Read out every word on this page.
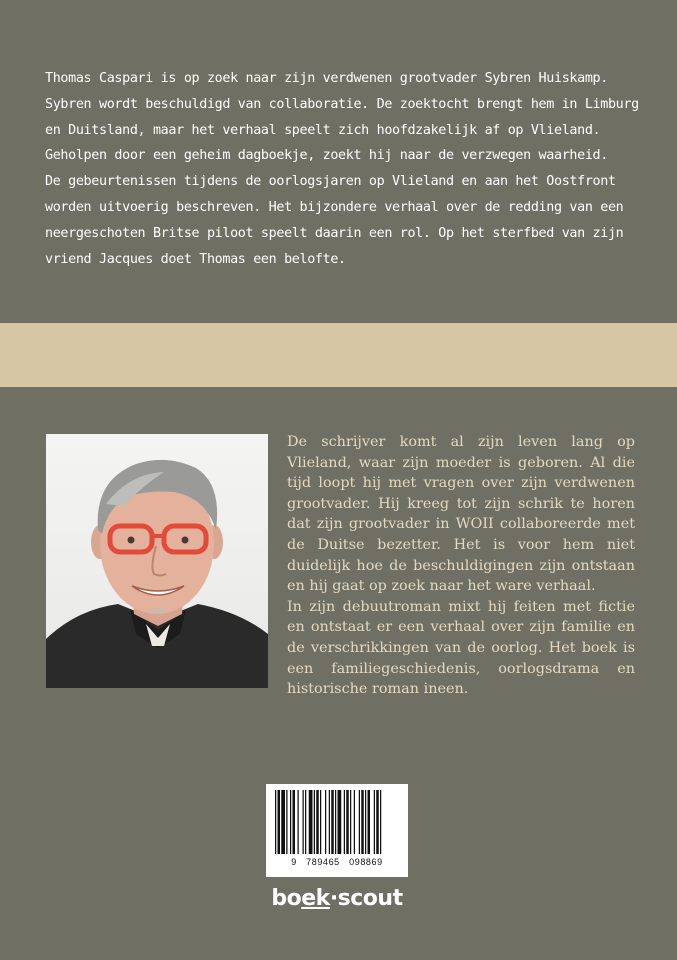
Thomas Caspari is op zoek naar zijn verdwenen grootvader Sybren Huiskamp. Sybren wordt beschuldigd van collaboratie. De zoektocht brengt hem in Limburg en Duitsland, maar het verhaal speelt zich hoofdzakelijk af op Vlieland. Geholpen door een geheim dagboekje, zoekt hij naar de verzwegen waarheid.

De gebeurtenissen tijdens de oorlogsjaren op Vlieland en aan het Oostfront worden uitvoerig beschreven. Het bijzondere verhaal over de redding van een neergeschoten Britse piloot speelt daarin een rol. Op het sterfbed van zijn vriend Jacques doet Thomas een belofte.

De schrijver komt al zijn leven lang op Vlieland, waar zijn moeder is geboren. Al die tijd loopt hij met vragen over zijn verdwenen grootvader. Hij kreeg tot zijn schrik te horen dat zijn grootvader in WOII collaboreerde met de Duitse bezetter. Het is voor hem niet duidelijk hoe de beschuldigingen zijn ontstaan en hij gaat op zoek naar het ware verhaal.

In zijn debuutroman mixt hij feiten met fictie en ontstaat er een verhaal over zijn familie en de verschrikkingen van de oorlog. Het boek is een familiegeschiedenis, oorlogsdrama en historische roman ineen.

9 789465 098869
boek·scout
